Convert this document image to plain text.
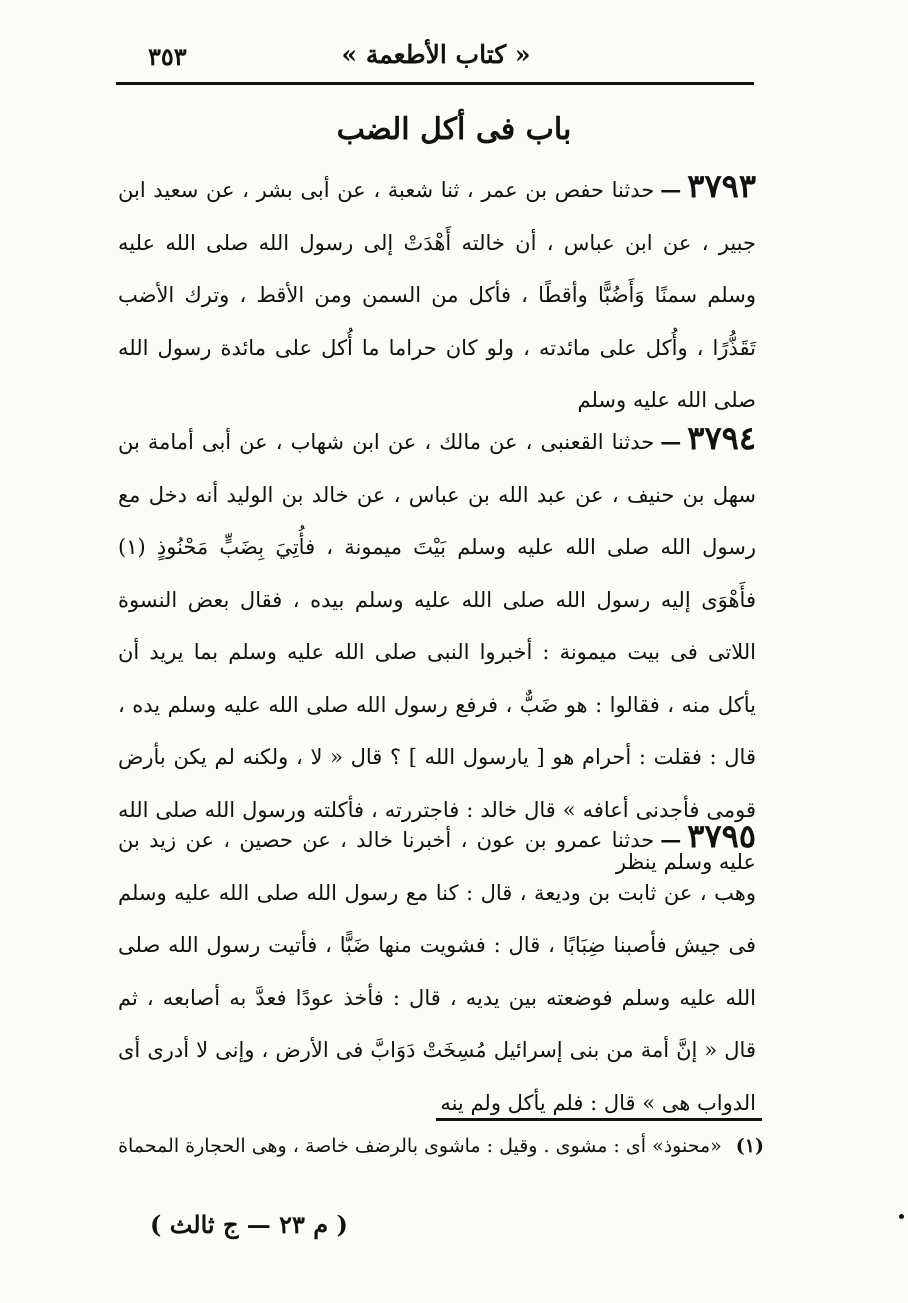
٣٥٣	« كتاب الأطعمة »
باب فى أكل الضب
٣٧٩٣—حدثنا حفص بن عمر ، ثنا شعبة ، عن أبى بشر ، عن سعيد ابن جبير ، عن ابن عباس ، أن خالته أَهْدَتْ إلى رسول الله صلى الله عليه وسلم سمنًا وَأَضُبًّا وأقطًا ، فأكل من السمن ومن الأقط ، وترك الأضب تَقَذُّرًا ، وأُكل على مائدته ، ولو كان حراما ما أُكل على مائدة رسول الله صلى الله عليه وسلم
٣٧٩٤—حدثنا القعنبى ، عن مالك ، عن ابن شهاب ، عن أبى أمامة بن سهل بن حنيف ، عن عبد الله بن عباس ، عن خالد بن الوليد أنه دخل مع رسول الله صلى الله عليه وسلم بَيْتَ ميمونة ، فأُتِيَ بِضَبٍّ مَحْنُوذٍ (١) فأَهْوَى إليه رسول الله صلى الله عليه وسلم بيده ، فقال بعض النسوة اللاتى فى بيت ميمونة : أخبروا النبى صلى الله عليه وسلم بما يريد أن يأكل منه ، فقالوا : هو ضَبٌّ ، فرفع رسول الله صلى الله عليه وسلم يده ، قال : فقلت : أحرام هو [ يارسول الله ] ؟ قال « لا ، ولكنه لم يكن بأرض قومى فأجدنى أعافه » قال خالد : فاجتررته ، فأكلته ورسول الله صلى الله عليه وسلم ينظر
٣٧٩٥—حدثنا عمرو بن عون ، أخبرنا خالد ، عن حصين ، عن زيد بن وهب ، عن ثابت بن وديعة ، قال : كنا مع رسول الله صلى الله عليه وسلم فى جيش فأصبنا ضِبَابًا ، قال : فشويت منها ضَبًّا ، فأتيت رسول الله صلى الله عليه وسلم فوضعته بين يديه ، قال : فأخذ عودًا فعدَّ به أصابعه ، ثم قال « إنَّ أمة من بنى إسرائيل مُسِخَتْ دَوَابَّ فى الأرض ، وإنى لا أدرى أى الدواب هى » قال : فلم يأكل ولم ينه
(١)«محنوذ» أى : مشوى . وقيل : ماشوى بالرضف خاصة ، وهى الحجارة المحماة
( م ٢٣ — ج ثالث )
